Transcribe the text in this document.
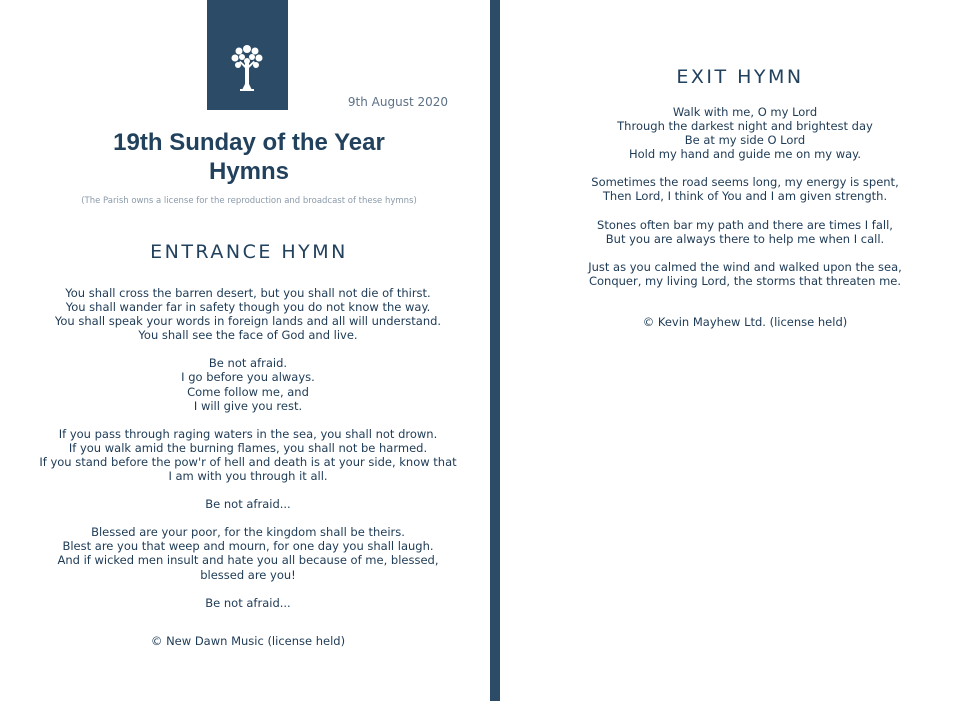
9th August 2020
19th Sunday of the Year
Hymns
(The Parish owns a license for the reproduction and broadcast of these hymns)
ENTRANCE HYMN
You shall cross the barren desert, but you shall not die of thirst.
You shall wander far in safety though you do not know the way.
You shall speak your words in foreign lands and all will understand.
You shall see the face of God and live.
Be not afraid.
I go before you always.
Come follow me, and
I will give you rest.
If you pass through raging waters in the sea, you shall not drown.
If you walk amid the burning flames, you shall not be harmed.
If you stand before the pow'r of hell and death is at your side, know that
I am with you through it all.
Be not afraid...
Blessed are your poor, for the kingdom shall be theirs.
Blest are you that weep and mourn, for one day you shall laugh.
And if wicked men insult and hate you all because of me, blessed,
blessed are you!
Be not afraid...
© New Dawn Music (license held)
EXIT HYMN
Walk with me, O my Lord
Through the darkest night and brightest day
Be at my side O Lord
Hold my hand and guide me on my way.
Sometimes the road seems long, my energy is spent,
Then Lord, I think of You and I am given strength.
Stones often bar my path and there are times I fall,
But you are always there to help me when I call.
Just as you calmed the wind and walked upon the sea,
Conquer, my living Lord, the storms that threaten me.
© Kevin Mayhew Ltd. (license held)
